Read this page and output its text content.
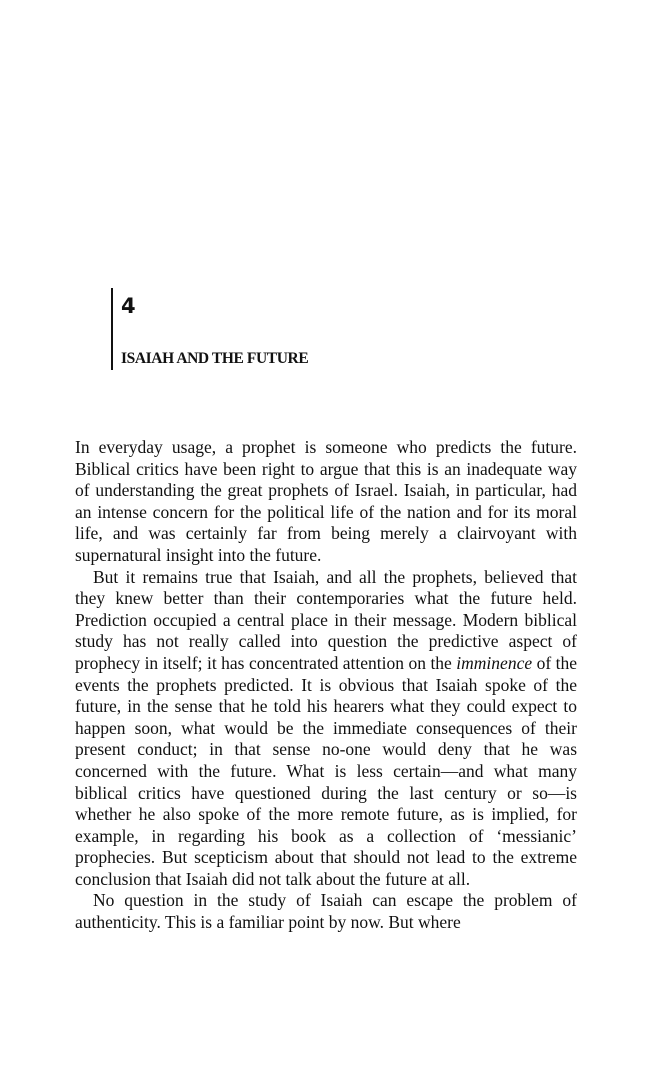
4
ISAIAH AND THE FUTURE

In everyday usage, a prophet is someone who predicts the future. Biblical critics have been right to argue that this is an inadequate way of understanding the great prophets of Israel. Isaiah, in particular, had an intense concern for the political life of the nation and for its moral life, and was certainly far from being merely a clairvoyant with supernatural insight into the future.

But it remains true that Isaiah, and all the prophets, believed that they knew better than their contemporaries what the future held. Prediction occupied a central place in their message. Modern biblical study has not really called into question the predictive aspect of prophecy in itself; it has concentrated attention on the imminence of the events the prophets predicted. It is obvious that Isaiah spoke of the future, in the sense that he told his hearers what they could expect to happen soon, what would be the immediate consequences of their present conduct; in that sense no-one would deny that he was concerned with the future. What is less certain—and what many biblical critics have questioned during the last century or so—is whether he also spoke of the more remote future, as is implied, for example, in regarding his book as a collection of ‘messianic’ prophecies. But scepticism about that should not lead to the extreme conclusion that Isaiah did not talk about the future at all.

No question in the study of Isaiah can escape the problem of authenticity. This is a familiar point by now. But where
